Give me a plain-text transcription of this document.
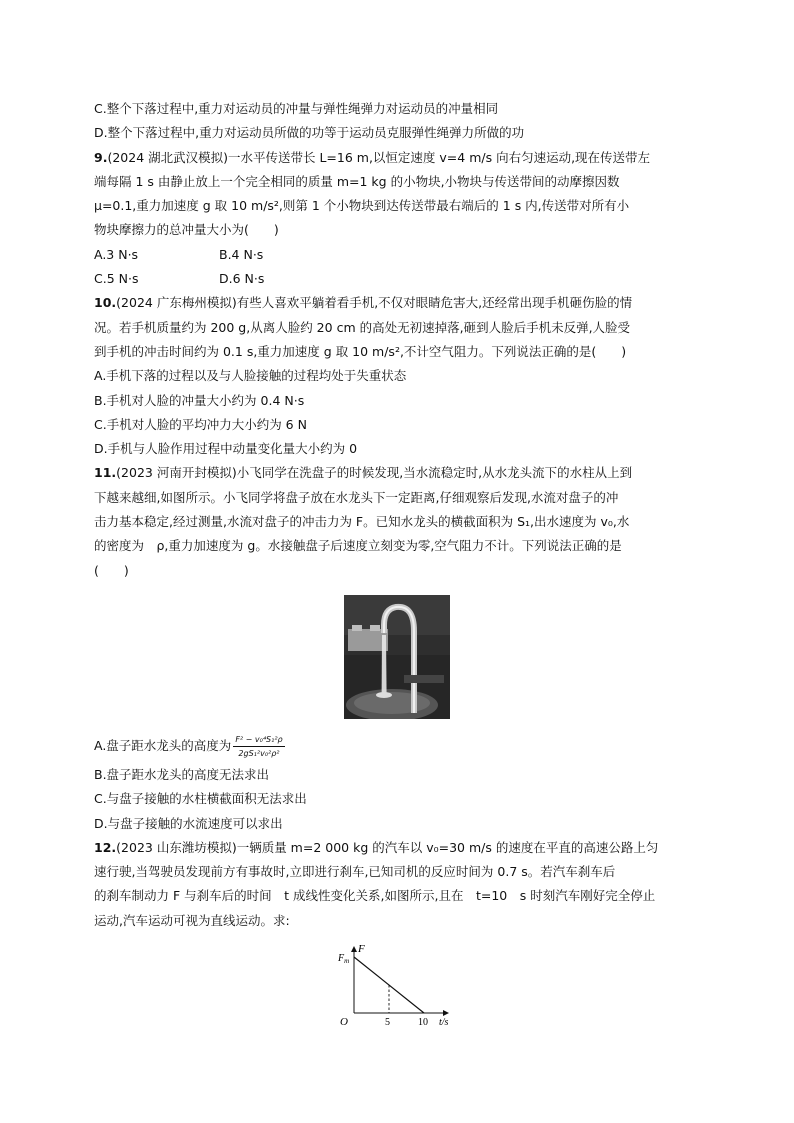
C.整个下落过程中,重力对运动员的冲量与弹性绳弹力对运动员的冲量相同
D.整个下落过程中,重力对运动员所做的功等于运动员克服弹性绳弹力所做的功
9.(2024 湖北武汉模拟)一水平传送带长 L=16 m,以恒定速度 v=4 m/s 向右匀速运动,现在传送带左
端每隔 1 s 由静止放上一个完全相同的质量 m=1 kg 的小物块,小物块与传送带间的动摩擦因数
μ=0.1,重力加速度 g 取 10 m/s²,则第 1 个小物块到达传送带最右端后的 1 s 内,传送带对所有小
物块摩擦力的总冲量大小为(　　)
A.3 N·s	B.4 N·s
C.5 N·s	D.6 N·s
10.(2024 广东梅州模拟)有些人喜欢平躺着看手机,不仅对眼睛危害大,还经常出现手机砸伤脸的情
况。若手机质量约为 200 g,从离人脸约 20 cm 的高处无初速掉落,砸到人脸后手机未反弹,人脸受
到手机的冲击时间约为 0.1 s,重力加速度 g 取 10 m/s²,不计空气阻力。下列说法正确的是(　　)
A.手机下落的过程以及与人脸接触的过程均处于失重状态
B.手机对人脸的冲量大小约为 0.4 N·s
C.手机对人脸的平均冲力大小约为 6 N
D.手机与人脸作用过程中动量变化量大小约为 0
11.(2023 河南开封模拟)小飞同学在洗盘子的时候发现,当水流稳定时,从水龙头流下的水柱从上到
下越来越细,如图所示。小飞同学将盘子放在水龙头下一定距离,仔细观察后发现,水流对盘子的冲
击力基本稳定,经过测量,水流对盘子的冲击力为 F。已知水龙头的横截面积为 S₁,出水速度为 v₀,水
的密度为　ρ,重力加速度为 g。水接触盘子后速度立刻变为零,空气阻力不计。下列说法正确的是
(　　)
A.盘子距水龙头的高度为 $\frac{\text{F² − v₀⁴S₁²ρ}}{\text{2gS₁²v₀²ρ²}}$
B.盘子距水龙头的高度无法求出
C.与盘子接触的水柱横截面积无法求出
D.与盘子接触的水流速度可以求出
12.(2023 山东潍坊模拟)一辆质量 m=2 000 kg 的汽车以 v₀=30 m/s 的速度在平直的高速公路上匀
速行驶,当驾驶员发现前方有事故时,立即进行刹车,已知司机的反应时间为 0.7 s。若汽车刹车后
的刹车制动力 F 与刹车后的时间　t 成线性变化关系,如图所示,且在　t=10　s 时刻汽车刚好完全停止
运动,汽车运动可视为直线运动。求:
F
$F_m$
O	5	10 t/s
